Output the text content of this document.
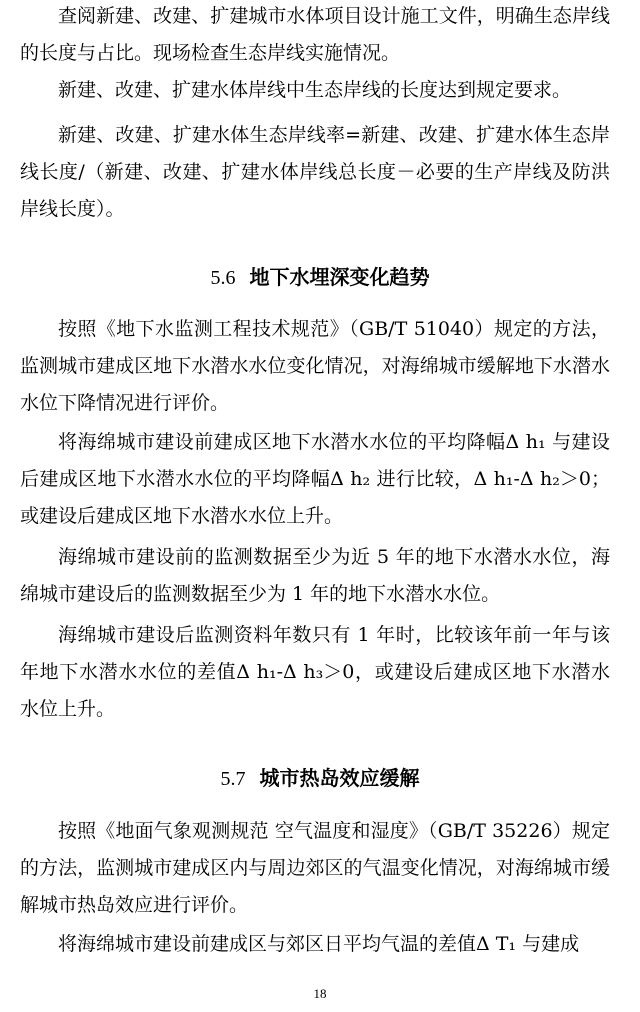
查阅新建、改建、扩建城市水体项目设计施工文件，明确生态岸线的长度与占比。现场检查生态岸线实施情况。

新建、改建、扩建水体岸线中生态岸线的长度达到规定要求。

新建、改建、扩建水体生态岸线率=新建、改建、扩建水体生态岸线长度/（新建、改建、扩建水体岸线总长度－必要的生产岸线及防洪岸线长度）。

5.6 地下水埋深变化趋势

按照《地下水监测工程技术规范》（GB/T 51040）规定的方法，监测城市建成区地下水潜水水位变化情况，对海绵城市缓解地下水潜水水位下降情况进行评价。

将海绵城市建设前建成区地下水潜水水位的平均降幅Δ h₁ 与建设后建成区地下水潜水水位的平均降幅Δ h₂ 进行比较，Δ h₁-Δ h₂＞0；或建设后建成区地下水潜水水位上升。

海绵城市建设前的监测数据至少为近 5 年的地下水潜水水位，海绵城市建设后的监测数据至少为 1 年的地下水潜水水位。

海绵城市建设后监测资料年数只有 1 年时，比较该年前一年与该年地下水潜水水位的差值Δ h₁-Δ h₃＞0，或建设后建成区地下水潜水水位上升。

5.7 城市热岛效应缓解

按照《地面气象观测规范 空气温度和湿度》（GB/T 35226）规定的方法，监测城市建成区内与周边郊区的气温变化情况，对海绵城市缓解城市热岛效应进行评价。

将海绵城市建设前建成区与郊区日平均气温的差值Δ T₁ 与建成

18
